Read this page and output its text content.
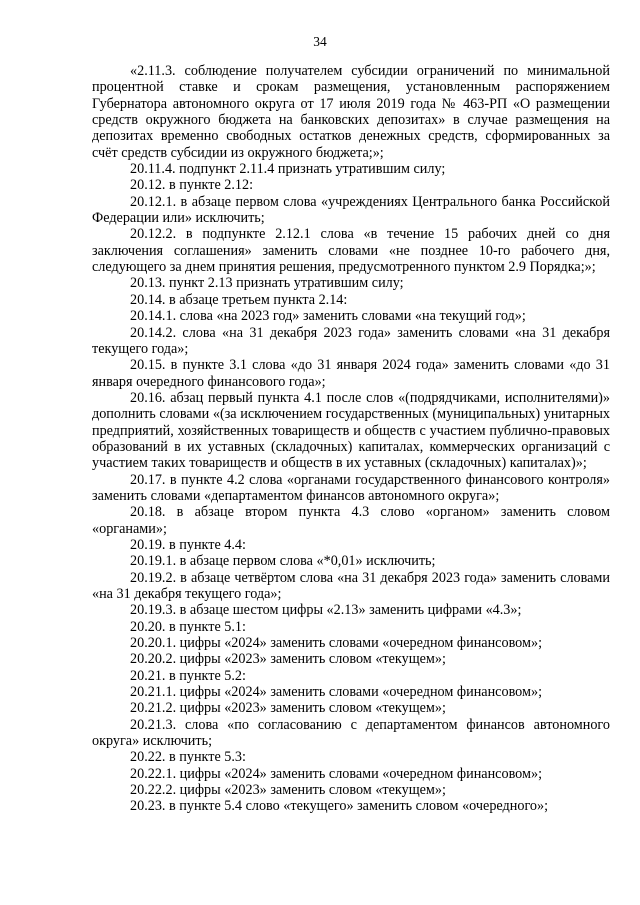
34

«2.11.3. соблюдение получателем субсидии ограничений по минимальной процентной ставке и срокам размещения, установленным распоряжением Губернатора автономного округа от 17 июля 2019 года № 463-РП «О размещении средств окружного бюджета на банковских депозитах» в случае размещения на депозитах временно свободных остатков денежных средств, сформированных за счёт средств субсидии из окружного бюджета;»;

20.11.4. подпункт 2.11.4 признать утратившим силу;

20.12. в пункте 2.12:

20.12.1. в абзаце первом слова «учреждениях Центрального банка Российской Федерации или» исключить;

20.12.2. в подпункте 2.12.1 слова «в течение 15 рабочих дней со дня заключения соглашения» заменить словами «не позднее 10-го рабочего дня, следующего за днем принятия решения, предусмотренного пунктом 2.9 Порядка;»;

20.13. пункт 2.13 признать утратившим силу;

20.14. в абзаце третьем пункта 2.14:

20.14.1. слова «на 2023 год» заменить словами «на текущий год»;

20.14.2. слова «на 31 декабря 2023 года» заменить словами «на 31 декабря текущего года»;

20.15. в пункте 3.1 слова «до 31 января 2024 года» заменить словами «до 31 января очередного финансового года»;

20.16. абзац первый пункта 4.1 после слов «(подрядчиками, исполнителями)» дополнить словами «(за исключением государственных (муниципальных) унитарных предприятий, хозяйственных товариществ и обществ с участием публично-правовых образований в их уставных (складочных) капиталах, коммерческих организаций с участием таких товариществ и обществ в их уставных (складочных) капиталах)»;

20.17. в пункте 4.2 слова «органами государственного финансового контроля» заменить словами «департаментом финансов автономного округа»;

20.18. в абзаце втором пункта 4.3 слово «органом» заменить словом «органами»;

20.19. в пункте 4.4:

20.19.1. в абзаце первом слова «*0,01» исключить;

20.19.2. в абзаце четвёртом слова «на 31 декабря 2023 года» заменить словами «на 31 декабря текущего года»;

20.19.3. в абзаце шестом цифры «2.13» заменить цифрами «4.3»;

20.20. в пункте 5.1:

20.20.1. цифры «2024» заменить словами «очередном финансовом»;

20.20.2. цифры «2023» заменить словом «текущем»;

20.21. в пункте 5.2:

20.21.1. цифры «2024» заменить словами «очередном финансовом»;

20.21.2. цифры «2023» заменить словом «текущем»;

20.21.3. слова «по согласованию с департаментом финансов автономного округа» исключить;

20.22. в пункте 5.3:

20.22.1. цифры «2024» заменить словами «очередном финансовом»;

20.22.2. цифры «2023» заменить словом «текущем»;

20.23. в пункте 5.4 слово «текущего» заменить словом «очередного»;
